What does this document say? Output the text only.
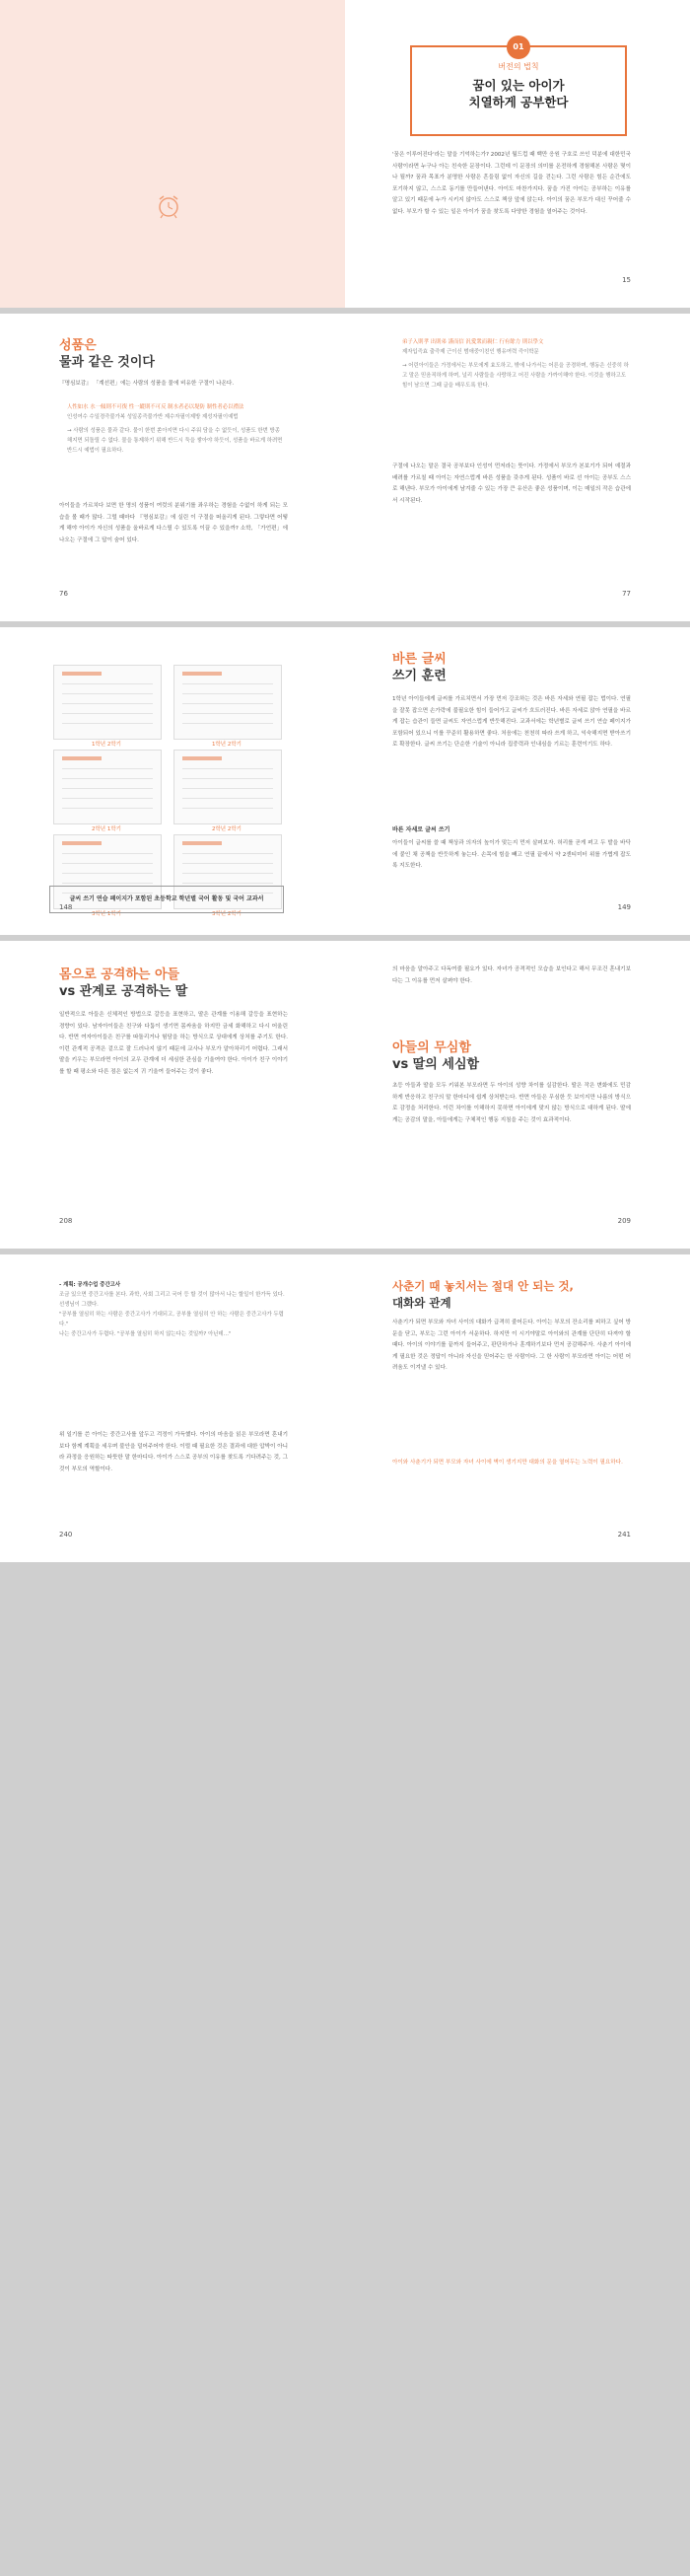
'꿈은 이루어진다'라는 말을 기억하는가? 2002년 월드컵 때 백만 응원 구호로 쓰인 덕분에 대한민국 사람이라면 누구나 아는 친숙한 문장이다. 그런데 이 문장의 의미를 온전하게 경험해본 사람은 몇이나 될까? 꿈과 목표가 분명한 사람은 흔들림 없이 자신의 길을 걷는다. 그런 사람은 힘든 순간에도 포기하지 않고, 스스로 동기를 만들어낸다. 아이도 마찬가지다. 꿈을 가진 아이는 공부하는 이유를 알고 있기 때문에 누가 시키지 않아도 스스로 책상 앞에 앉는다. 아이의 꿈은 부모가 대신 꾸어줄 수 없다. 부모가 할 수 있는 일은 아이가 꿈을 찾도록 다양한 경험을 열어주는 것이다.
15
01
버전의 법칙
꿈이 있는 아이가
치열하게 공부한다
성품은
물과 같은 것이다
『명심보감』 「계선편」에는 사람의 성품을 물에 비유한 구절이 나온다.
人性如水 水一傾則不可復 性一縱則不可反 制水者必以堤防 制性者必以禮法
인성여수 수일경즉불가복 성일종즉불가반 제수자필이제방 제성자필이예법
→ 사람의 성품은 물과 같다. 물이 한번 쏟아지면 다시 주워 담을 수 없듯이, 성품도 한번 방종해지면 되돌릴 수 없다. 물을 통제하기 위해 반드시 둑을 쌓아야 하듯이, 성품을 바르게 하려면 반드시 예법이 필요하다.
아이들을 가르치다 보면 한 명의 성품이 여럿의 분위기를 좌우하는 경험을 수없이 하게 되는 모습을 볼 때가 많다. 그럴 때마다 『명심보감』에 실린 이 구절을 떠올리게 된다. 그렇다면 어떻게 해야 아이가 자신의 성품을 올바르게 다스릴 수 있도록 이끌 수 있을까? 소학, 「가언편」에 나오는 구절에 그 답이 숨어 있다.
76
弟子入則孝 出則弟 謹而信 汎愛衆而親仁 行有餘力 則以學文
제자입즉효 출즉제 근이신 범애중이친인 행유여력 즉이학문
→ 어린아이들은 가정에서는 부모에게 효도하고, 밖에 나가서는 어른을 공경하며, 행동은 신중히 하고 말은 믿음직하게 하며, 널리 사람들을 사랑하고 어진 사람을 가까이해야 한다. 이것을 행하고도 힘이 남으면 그때 글을 배우도록 한다.
구절에 나오는 말은 결국 공부보다 인성이 먼저라는 뜻이다. 가정에서 부모가 본보기가 되어 예절과 배려를 가르칠 때 아이는 자연스럽게 바른 성품을 갖추게 된다. 성품이 바로 선 아이는 공부도 스스로 해낸다. 부모가 아이에게 남겨줄 수 있는 가장 큰 유산은 좋은 성품이며, 이는 매일의 작은 습관에서 시작된다.
77
1학년 2학기	1학년 2학기
2학년 1학기	2학년 2학기
3학년 1학기	3학년 2학기
글씨 쓰기 연습 페이지가 포함된 초등학교 학년별 국어 활동 및 국어 교과서
148
바른 글씨
쓰기 훈련
1학년 아이들에게 글씨를 가르치면서 가장 먼저 강조하는 것은 바른 자세와 연필 잡는 법이다. 연필을 잘못 잡으면 손가락에 불필요한 힘이 들어가고 글씨가 흐트러진다. 바른 자세로 앉아 연필을 바르게 잡는 습관이 들면 글씨도 자연스럽게 반듯해진다. 교과서에는 학년별로 글씨 쓰기 연습 페이지가 포함되어 있으니 이를 꾸준히 활용하면 좋다. 처음에는 천천히 따라 쓰게 하고, 익숙해지면 받아쓰기로 확장한다. 글씨 쓰기는 단순한 기술이 아니라 집중력과 인내심을 기르는 훈련이기도 하다.
바른 자세로 글씨 쓰기
아이들이 글씨를 쓸 때 책상과 의자의 높이가 맞는지 먼저 살펴보자. 허리를 곧게 펴고 두 발을 바닥에 붙인 채 공책을 반듯하게 놓는다. 손목에 힘을 빼고 연필 끝에서 약 2센티미터 위를 가볍게 잡도록 지도한다.
149
몸으로 공격하는 아들
vs 관계로 공격하는 딸
일반적으로 아들은 신체적인 방법으로 갈등을 표현하고, 딸은 관계를 이용해 갈등을 표현하는 경향이 있다. 남자아이들은 친구와 다툼이 생기면 몸싸움을 하지만 금세 화해하고 다시 어울린다. 반면 여자아이들은 친구를 따돌리거나 험담을 하는 방식으로 상대에게 상처를 주기도 한다. 이런 관계적 공격은 겉으로 잘 드러나지 않기 때문에 교사나 부모가 알아차리기 어렵다. 그래서 딸을 키우는 부모라면 아이의 교우 관계에 더 세심한 관심을 기울여야 한다. 아이가 친구 이야기를 할 때 평소와 다른 점은 없는지 귀 기울여 들어주는 것이 좋다.
208
의 마음을 알아주고 다독여줄 필요가 있다. 자녀가 공격적인 모습을 보인다고 해서 무조건 혼내기보다는 그 이유를 먼저 살펴야 한다.
아들의 무심함
vs 딸의 세심함
초등 아들과 딸을 모두 키워본 부모라면 두 아이의 성향 차이를 실감한다. 딸은 작은 변화에도 민감하게 반응하고 친구의 말 한마디에 쉽게 상처받는다. 반면 아들은 무심한 듯 보이지만 나름의 방식으로 감정을 처리한다. 이런 차이를 이해하지 못하면 아이에게 맞지 않는 방식으로 대하게 된다. 딸에게는 공감의 말을, 아들에게는 구체적인 행동 지침을 주는 것이 효과적이다.
209
- 계획: 공개수업 중간고사
조금 있으면 중간고사를 본다. 과학, 사회 그리고 국어 등 할 것이 많아서 나는 할일이 한가득 있다.
선생님이 그랬다.
"공부를 열심히 하는 사람은 중간고사가 기대되고, 공부를 열심히 안 하는 사람은 중간고사가 두렵다."
나는 중간고사가 두렵다. "공부를 열심히 하지 않는다는 것일까? 아닌데…"
위 일기를 쓴 아이는 중간고사를 앞두고 걱정이 가득했다. 아이의 마음을 읽은 부모라면 혼내기보다 함께 계획을 세우며 불안을 덜어주어야 한다. 이럴 때 필요한 것은 결과에 대한 압박이 아니라 과정을 응원하는 따뜻한 말 한마디다. 아이가 스스로 공부의 이유를 찾도록 기다려주는 것, 그것이 부모의 역할이다.
240
사춘기 때 놓치서는 절대 안 되는 것,
대화와 관계
사춘기가 되면 부모와 자녀 사이의 대화가 급격히 줄어든다. 아이는 부모의 잔소리를 피하고 싶어 방문을 닫고, 부모는 그런 아이가 서운하다. 하지만 이 시기야말로 아이와의 관계를 단단히 다져야 할 때다. 아이의 이야기를 끝까지 들어주고, 판단하거나 훈계하기보다 먼저 공감해주자. 사춘기 아이에게 필요한 것은 정답이 아니라 자신을 믿어주는 한 사람이다. 그 한 사람이 부모라면 아이는 어떤 어려움도 이겨낼 수 있다.
아이와 사춘기가 되면 부모와 자녀 사이에 벽이 생기지만 대화의 문을 열어두는 노력이 필요하다.
241
